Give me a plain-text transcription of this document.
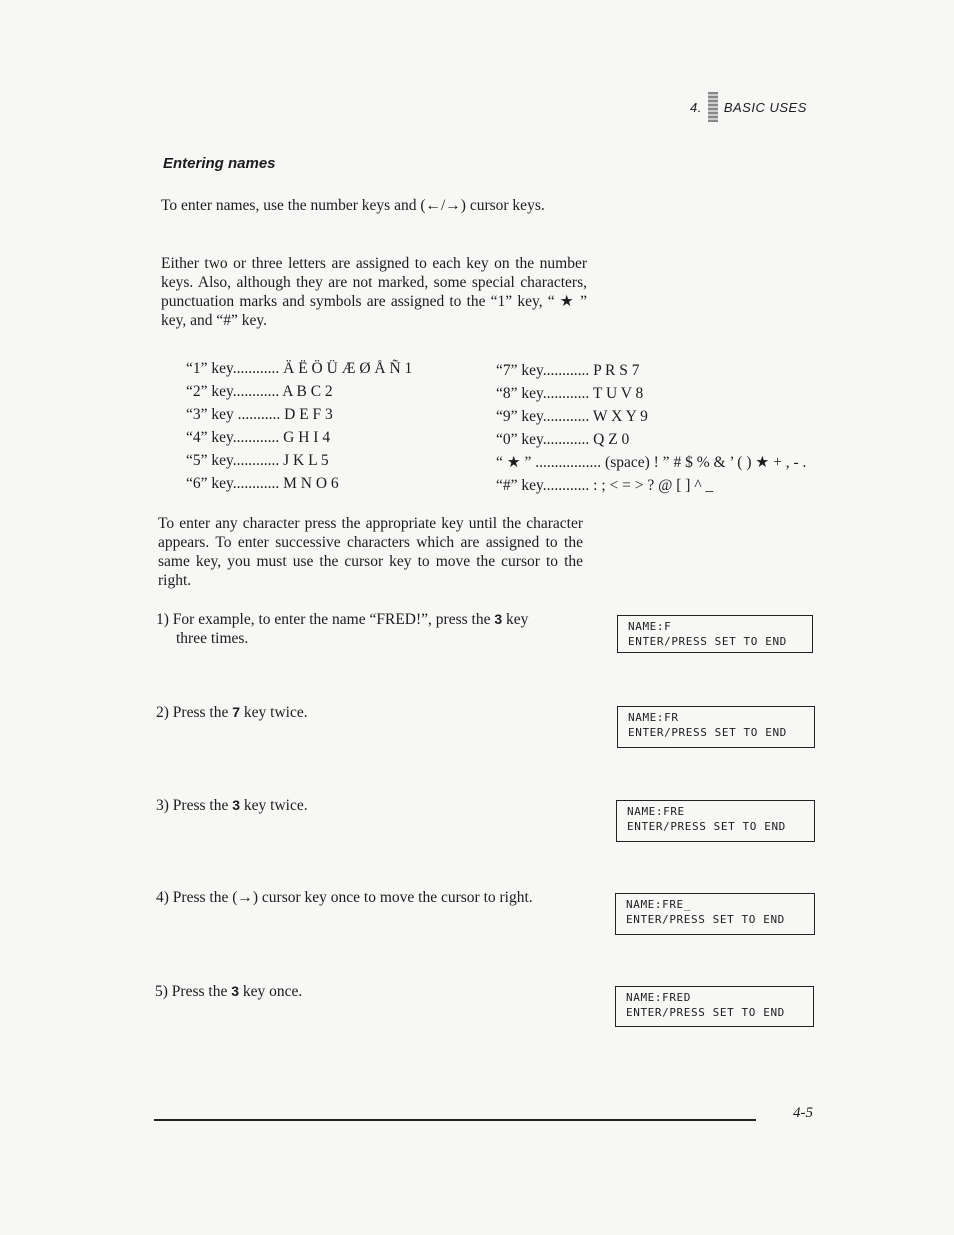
4. BASIC USES
Entering names
To enter names, use the number keys and (←/→) cursor keys.
Either two or three letters are assigned to each key on the number keys. Also, although they are not marked, some special characters, punctuation marks and symbols are assigned to the “1” key, “ ★ ” key, and “#” key.
“1” key............ Ä Ë Ö Ü Æ Ø Å Ñ 1
“2” key............ A B C 2
“3” key ........... D E F 3
“4” key............ G H I 4
“5” key............ J K L 5
“6” key............ M N O 6
“7” key............ P R S 7
“8” key............ T U V 8
“9” key............ W X Y 9
“0” key............ Q Z 0
“ ★ ” ................. (space) ! ” # $ % & ’ ( ) ★ + , - .
“#” key............ : ; < = > ? @ [ ] ^ _
To enter any character press the appropriate key until the character appears. To enter successive characters which are assigned to the same key, you must use the cursor key to move the cursor to the right.
1) For example, to enter the name “FRED!”, press the 3 key
three times.
NAME:F
ENTER/PRESS SET TO END
2) Press the 7 key twice.	NAME:FR
ENTER/PRESS SET TO END
3) Press the 3 key twice.	NAME:FRE
ENTER/PRESS SET TO END
4) Press the (→) cursor key once to move the cursor to right.	NAME:FRE_
ENTER/PRESS SET TO END
5) Press the 3 key once.	NAME:FRED
ENTER/PRESS SET TO END
4-5
